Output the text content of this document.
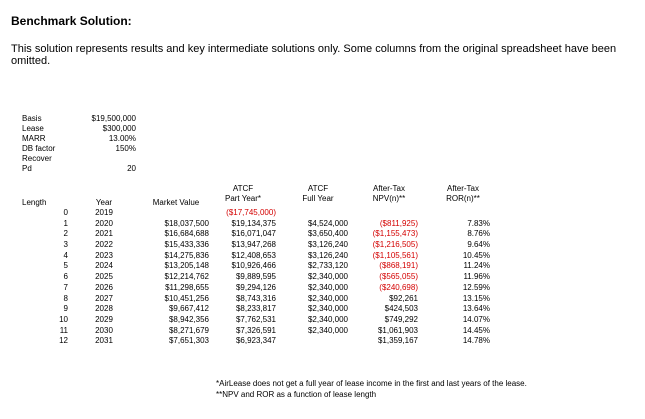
Benchmark Solution:
This solution represents results and key intermediate solutions only. Some columns from the original spreadsheet have been omitted.
Basis
Lease
MARR
DB factor
Recover
Pd
$19,500,000
$300,000
13.00%
150%

20
Length	Year	Market Value
ATCF
Part Year*
ATCF
Full Year
After-Tax
NPV(n)**
After-Tax
ROR(n)**
0
1
2
3
4
5
6
7
8
9
10
11
12
2019
2020
2021
2022
2023
2024
2025
2026
2027
2028
2029
2030
2031
$18,037,500
$16,684,688
$15,433,336
$14,275,836
$13,205,148
$12,214,762
$11,298,655
$10,451,256
$9,667,412
$8,942,356
$8,271,679
$7,651,303
($17,745,000)
$19,134,375
$16,071,047
$13,947,268
$12,408,653
$10,926,466
$9,889,595
$9,294,126
$8,743,316
$8,233,817
$7,762,531
$7,326,591
$6,923,347
$4,524,000
$3,650,400
$3,126,240
$3,126,240
$2,733,120
$2,340,000
$2,340,000
$2,340,000
$2,340,000
$2,340,000
$2,340,000
($811,925)
($1,155,473)
($1,216,505)
($1,105,561)
($868,191)
($565,055)
($240,698)
$92,261
$424,503
$749,292
$1,061,903
$1,359,167
7.83%
8.76%
9.64%
10.45%
11.24%
11.96%
12.59%
13.15%
13.64%
14.07%
14.45%
14.78%
*AirLease does not get a full year of lease income in the first and last years of the lease.
**NPV and ROR as a function of lease length
